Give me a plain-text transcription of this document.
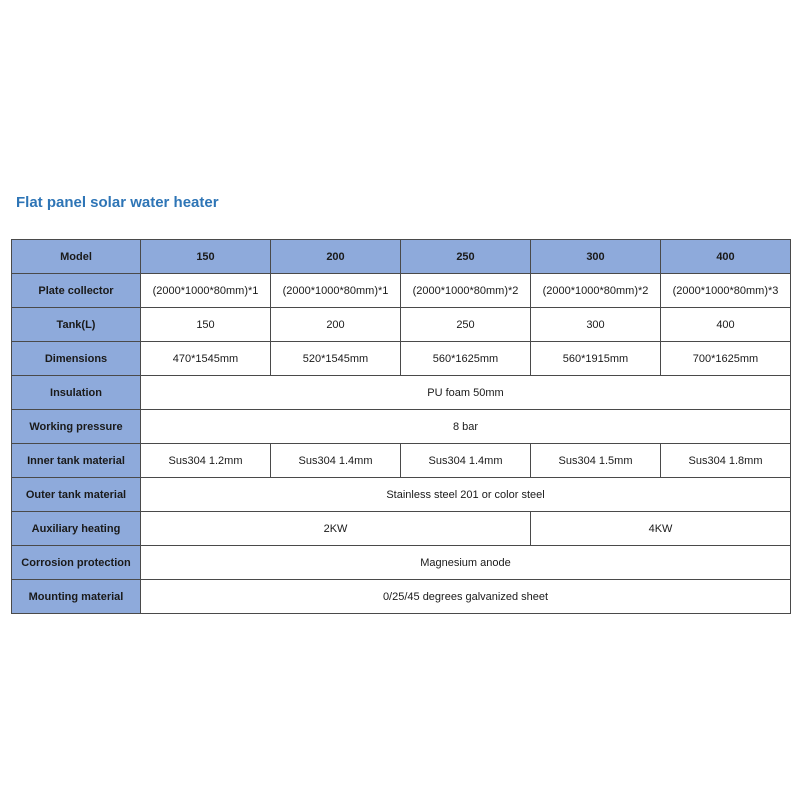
Flat panel solar water heater
Model	150	200	250	300	400
Plate collector	(2000*1000*80mm)*1	(2000*1000*80mm)*1	(2000*1000*80mm)*2	(2000*1000*80mm)*2	(2000*1000*80mm)*3
Tank(L)	150	200	250	300	400
Dimensions	470*1545mm	520*1545mm	560*1625mm	560*1915mm	700*1625mm
Insulation	PU foam 50mm				
Working pressure	8 bar				
Inner tank material	Sus304 1.2mm	Sus304 1.4mm	Sus304 1.4mm	Sus304 1.5mm	Sus304 1.8mm
Outer tank material	Stainless steel 201 or color steel				
Auxiliary heating	2KW			4KW	
Corrosion protection	Magnesium anode				
Mounting material	0/25/45 degrees galvanized sheet				
